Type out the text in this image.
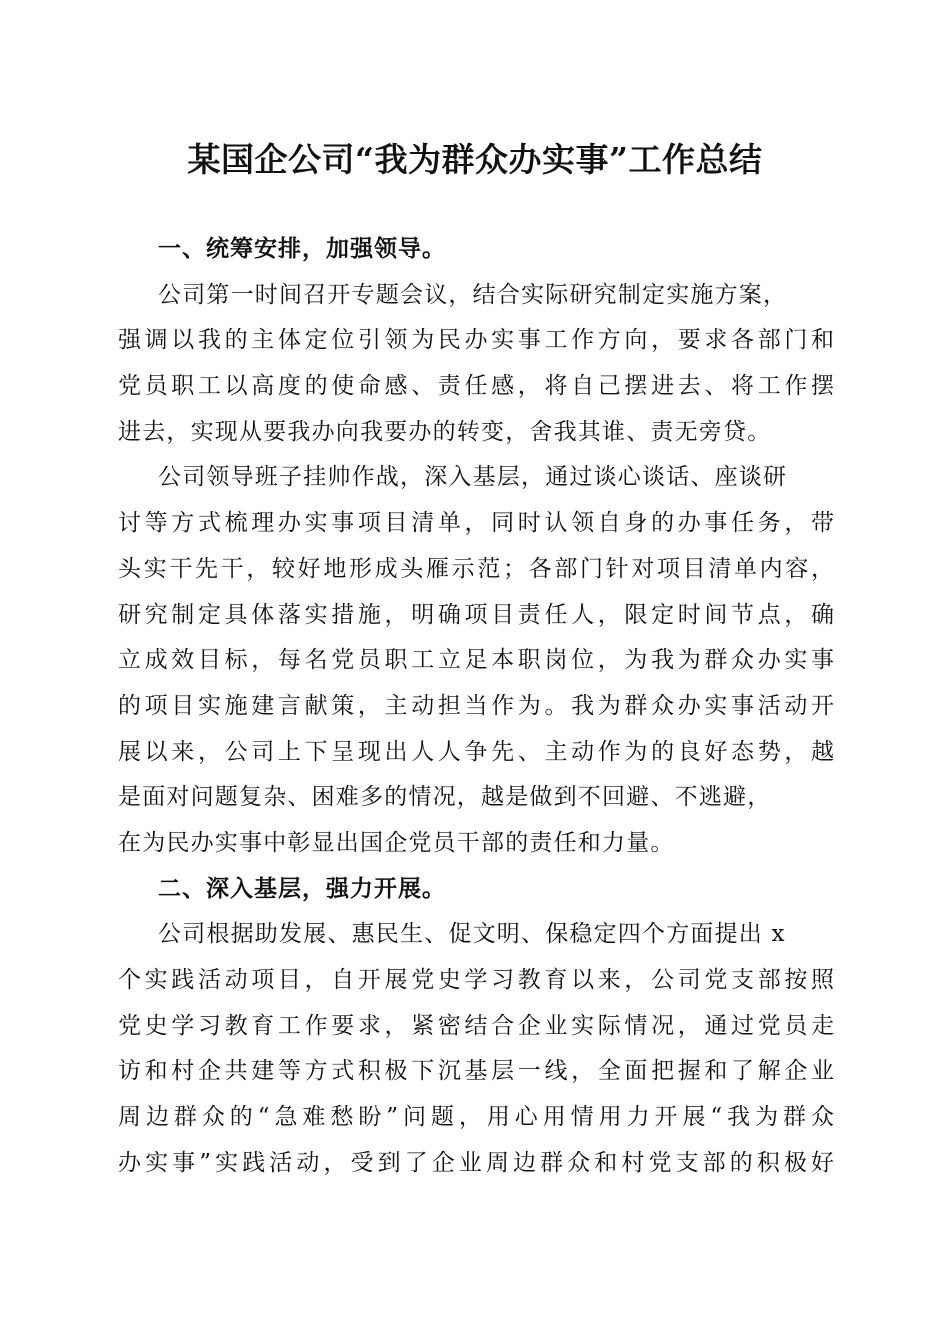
某国企公司“我为群众办实事”工作总结
一、统筹安排，加强领导。
公司第一时间召开专题会议，结合实际研究制定实施方案，
强调以我的主体定位引领为民办实事工作方向，要求各部门和
党员职工以高度的使命感、责任感，将自己摆进去、将工作摆
进去，实现从要我办向我要办的转变，舍我其谁、责无旁贷。
公司领导班子挂帅作战，深入基层，通过谈心谈话、座谈研
讨等方式梳理办实事项目清单，同时认领自身的办事任务，带
头实干先干，较好地形成头雁示范；各部门针对项目清单内容，
研究制定具体落实措施，明确项目责任人，限定时间节点，确
立成效目标，每名党员职工立足本职岗位，为我为群众办实事
的项目实施建言献策，主动担当作为。我为群众办实事活动开
展以来，公司上下呈现出人人争先、主动作为的良好态势，越
是面对问题复杂、困难多的情况，越是做到不回避、不逃避，
在为民办实事中彰显出国企党员干部的责任和力量。
二、深入基层，强力开展。
公司根据助发展、惠民生、促文明、保稳定四个方面提出 x
个实践活动项目，自开展党史学习教育以来，公司党支部按照
党史学习教育工作要求，紧密结合企业实际情况，通过党员走
访和村企共建等方式积极下沉基层一线，全面把握和了解企业
周边群众的“急难愁盼”问题，用心用情用力开展“我为群众
办实事”实践活动，受到了企业周边群众和村党支部的积极好
